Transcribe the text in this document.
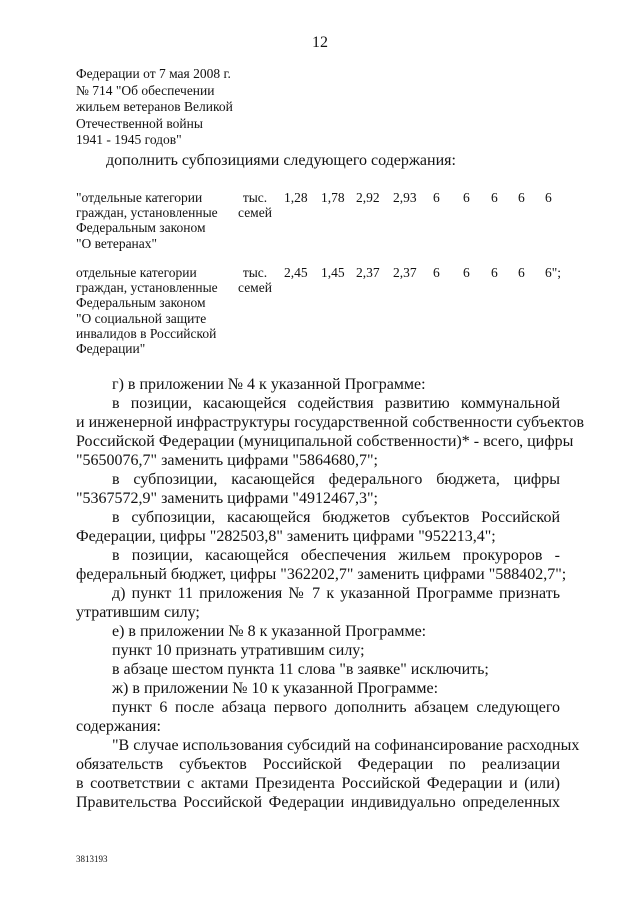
12
Федерации от 7 мая 2008 г.
№ 714 "Об обеспечении
жильем ветеранов Великой
Отечественной войны
1941 - 1945 годов"
дополнить субпозициями следующего содержания:
"отдельные категории
граждан, установленные
Федеральным законом
"О ветеранах"
тыс.
семей
1,28 1,78 2,92 2,93 6 6 6 6 6
отдельные категории
граждан, установленные
Федеральным законом
"О социальной защите
инвалидов в Российской
Федерации"
тыс.
семей
2,45 1,45 2,37 2,37 6 6 6 6 6";
г) в приложении № 4 к указанной Программе:
в позиции, касающейся содействия развитию коммунальной
и инженерной инфраструктуры государственной собственности субъектов
Российской Федерации (муниципальной собственности)* - всего, цифры
"5650076,7" заменить цифрами "5864680,7";
в субпозиции, касающейся федерального бюджета, цифры
"5367572,9" заменить цифрами "4912467,3";
в субпозиции, касающейся бюджетов субъектов Российской
Федерации, цифры "282503,8" заменить цифрами "952213,4";
в позиции, касающейся обеспечения жильем прокуроров -
федеральный бюджет, цифры "362202,7" заменить цифрами "588402,7";
д) пункт 11 приложения № 7 к указанной Программе признать
утратившим силу;
е) в приложении № 8 к указанной Программе:
пункт 10 признать утратившим силу;
в абзаце шестом пункта 11 слова "в заявке" исключить;
ж) в приложении № 10 к указанной Программе:
пункт 6 после абзаца первого дополнить абзацем следующего
содержания:
"В случае использования субсидий на софинансирование расходных
обязательств субъектов Российской Федерации по реализации
в соответствии с актами Президента Российской Федерации и (или)
Правительства Российской Федерации индивидуально определенных
3813193
